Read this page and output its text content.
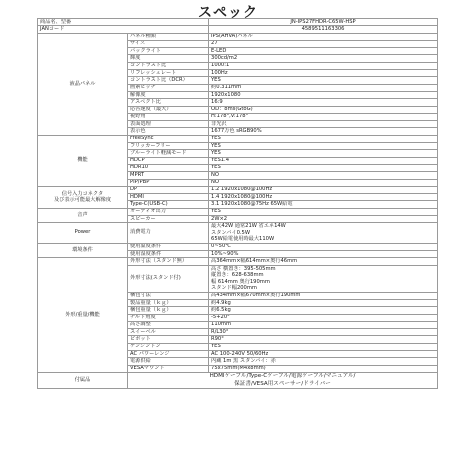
スペック
商品名、型番		JN-IPS27FHDR-C65W-HSP
JANコード		4589511163306
液晶パネル	パネル種類	IPS(AHVA)パネル
	サイズ	27
	バックライト	E-LED
	輝度	300cd/m2
	コントラスト比	1000:1
	リフレッシュレート	100Hz
	コントラスト比（DCR）	YES
	画素ピッチ	約0.311mm
	解像度	1920x1080
	アスペクト比	16:9
	応答速度（最大）	OD：8ms(GtoG)
	視野角	H:178°,V:178°
	表面処理	非光沢
	表示色	1677万色 sRGB90%
機能	FreeSync	YES
	フリッカーフリー	YES
	ブルーライト軽減モード	YES
	HDCP	YES1.4
	HDR10	YES
	MPRT	NO
	PIP/PBP	NO

信号入力コネクタ
及び表示可能最大解像度	DP	1.2 1920x1080@100Hz
	HDMI	1.4 1920x1080@100Hz
	Type-C(USB-C)	3.1 1920x1080@75Hz 65W給電
音声	オーディオ出力	YES
	スピーカー	2W×2
Power	消費電力	最大42W 通常21W 省エネ14W
スタンバイ0.5W
65W給電使用時最大110W

環境条件	使用温度条件	0~50℃
	使用湿度条件	10%~90%
外形/重量/機能	外形寸法（スタンド無）	高364mm×幅614mm×奥行46mm
	外形寸法(スタンド付)	高さ 横置き：395-505mm
縦置き：628-638mm
幅 614mm 奥行190mm
スタンド幅200mm

	梱包寸法	高434mm×幅670mm×奥行190mm
	製品重量（ｋｇ）	約4.9kg
	梱包重量（ｋｇ）	約6.5kg
	チルト角度	-5+20°
	高さ調整	110mm
	スイーベル	R/L30°
	ピボット	R90°
	ケンジントン	YES
	AC パワーレンジ	AC 100-240V 50/60Hz
	電源供給	内蔵 1m 黒 スタンバイ：赤
	VESAマウント	75x75mm(M4x8mm)
付属品	HDMIケーブル/Type-Cケーブル/電源ケーブル/マニュアル/
保証書/VESA用スペーサー/ドライバー	
